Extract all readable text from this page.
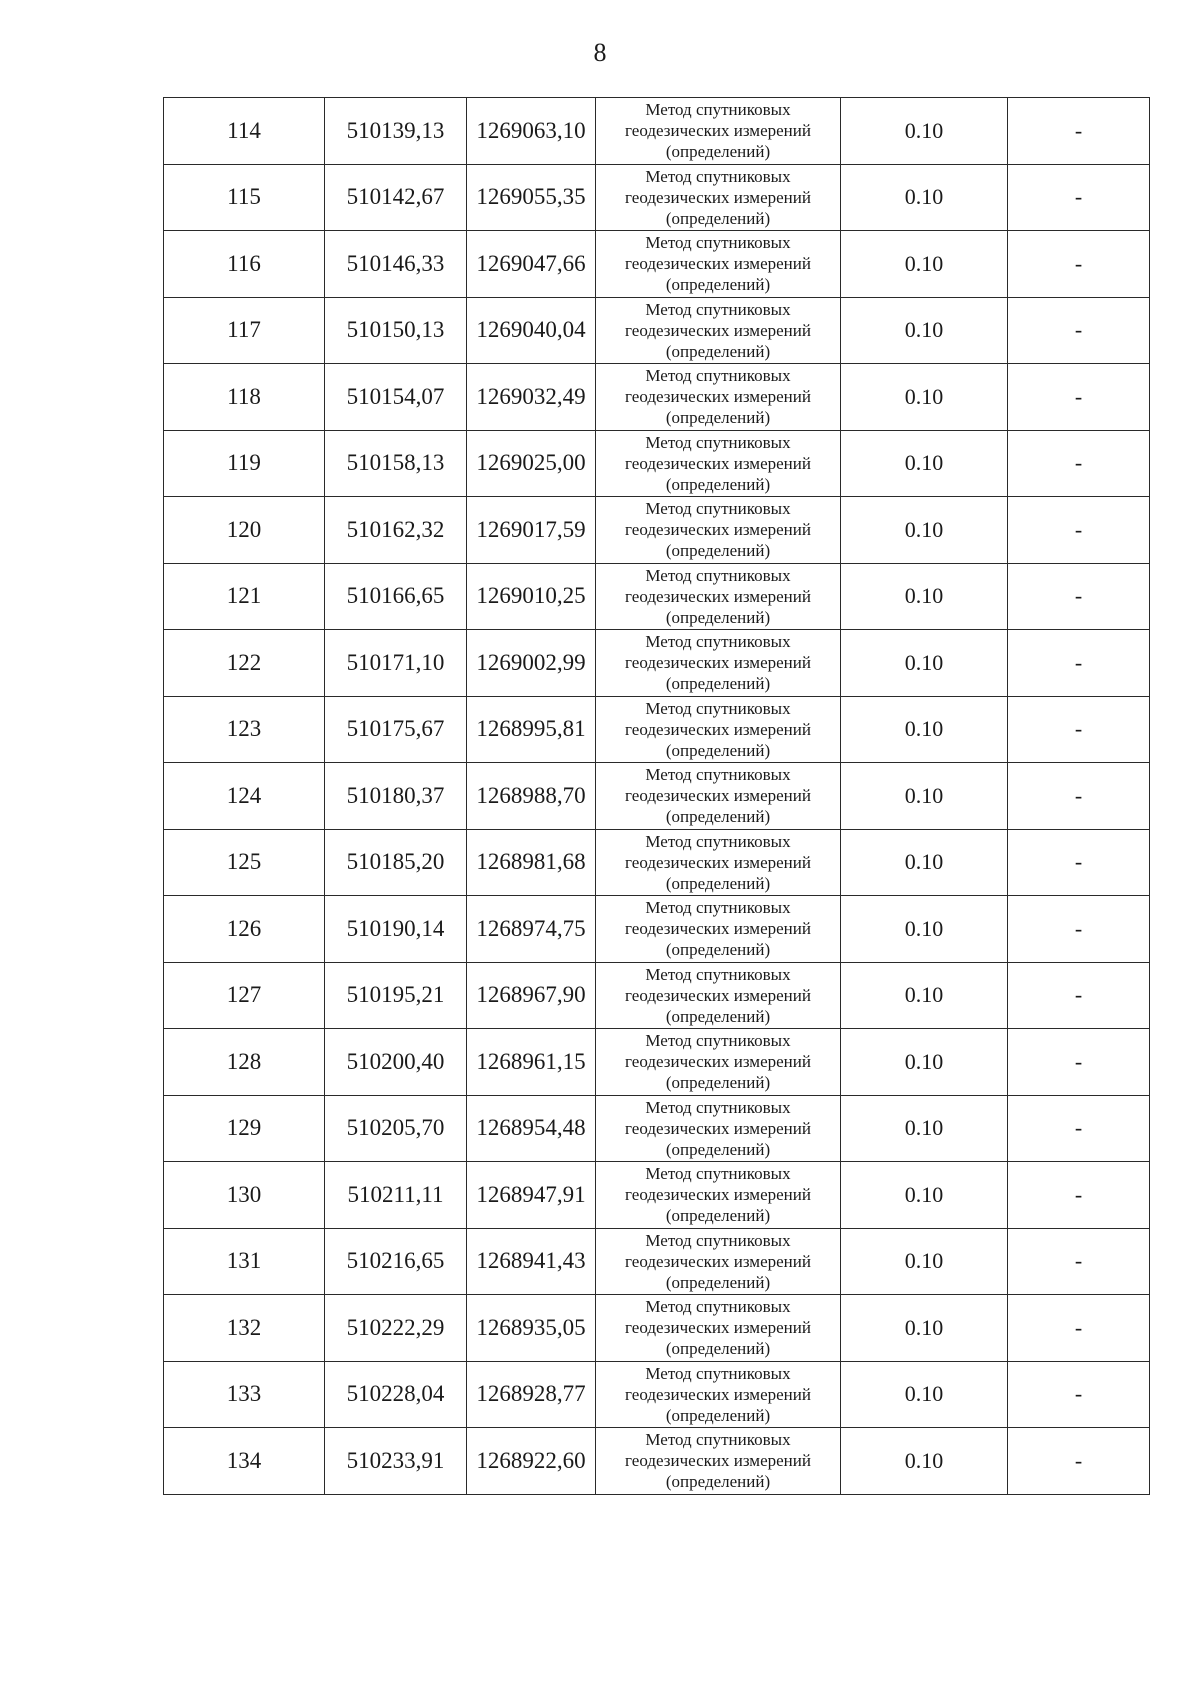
8
114	510139,13	1269063,10	Метод спутниковых
геодезических измерений
(определений)	0.10	-
115	510142,67	1269055,35	Метод спутниковых
геодезических измерений
(определений)	0.10	-
116	510146,33	1269047,66	Метод спутниковых
геодезических измерений
(определений)	0.10	-
117	510150,13	1269040,04	Метод спутниковых
геодезических измерений
(определений)	0.10	-
118	510154,07	1269032,49	Метод спутниковых
геодезических измерений
(определений)	0.10	-
119	510158,13	1269025,00	Метод спутниковых
геодезических измерений
(определений)	0.10	-
120	510162,32	1269017,59	Метод спутниковых
геодезических измерений
(определений)	0.10	-
121	510166,65	1269010,25	Метод спутниковых
геодезических измерений
(определений)	0.10	-
122	510171,10	1269002,99	Метод спутниковых
геодезических измерений
(определений)	0.10	-
123	510175,67	1268995,81	Метод спутниковых
геодезических измерений
(определений)	0.10	-
124	510180,37	1268988,70	Метод спутниковых
геодезических измерений
(определений)	0.10	-
125	510185,20	1268981,68	Метод спутниковых
геодезических измерений
(определений)	0.10	-
126	510190,14	1268974,75	Метод спутниковых
геодезических измерений
(определений)	0.10	-
127	510195,21	1268967,90	Метод спутниковых
геодезических измерений
(определений)	0.10	-
128	510200,40	1268961,15	Метод спутниковых
геодезических измерений
(определений)	0.10	-
129	510205,70	1268954,48	Метод спутниковых
геодезических измерений
(определений)	0.10	-
130	510211,11	1268947,91	Метод спутниковых
геодезических измерений
(определений)	0.10	-
131	510216,65	1268941,43	Метод спутниковых
геодезических измерений
(определений)	0.10	-
132	510222,29	1268935,05	Метод спутниковых
геодезических измерений
(определений)	0.10	-
133	510228,04	1268928,77	Метод спутниковых
геодезических измерений
(определений)	0.10	-
134	510233,91	1268922,60	Метод спутниковых
геодезических измерений
(определений)	0.10	-
